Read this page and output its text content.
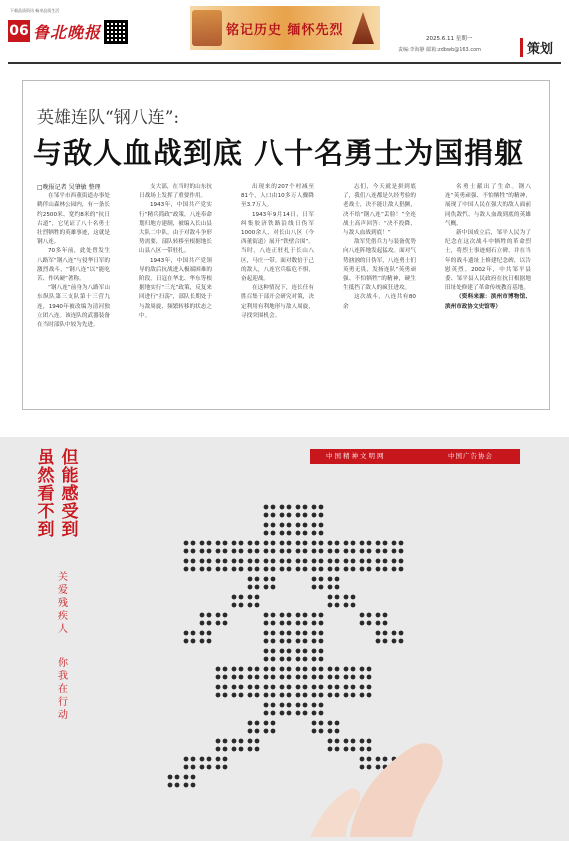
下载品质资讯 畅享品质生活
06 鲁北晚报	铭记历史 缅怀先烈
2025.6.11 星期一
责编:李海静 邮箱:zdbwb@163.com	策划
英雄连队“钢八连”:
与敌人血战到底 八十名勇士为国捐躯
□晚报记者 吴肇敏 整理

在邹平市西董街道办事处鹤伴山森林公园内，有一条长约2500米、宽约8米的“抗日古道”，它见证了八十名勇士壮烈牺牲的英雄事迹，这就是钢八连。

70多年前，此处曾发生八路军“钢八连”与侵华日军的激烈战斗，“钢八连”以“能吃苦、作风硬”著称。

“钢八连”前身为八路军山东纵队第三支队第十三营九连，1940年被改编为清河独立团八连。该连队的武器装备在当时部队中较为先进。

支大部，在当时的山东抗日战场上发挥了重要作用。

1943年，中国共产党实行“精兵简政”政策，八连奉命划归地方建制，被编入长山县大队二中队。由于对敌斗争形势需要，部队转移至根据地长山县八区一带驻扎。

1943年，中国共产党领导的敌后抗战进入极端困难的阶段。日寇在华北、华东等根据地实行“三光”政策，反复来回进行“扫荡”，部队长期处于与敌周旋、频繁转移的状态之中。

出现来的207个村减至81个，人口由10多万人骤降至3.7万人。

1943年9月14日，日军纠集胶济铁路沿线日伪军1000余人，对长山八区（今西董街道）展开“铁壁合围”。当时，八连正驻扎于长山八区，马庄一带。面对数倍于己的敌人，八连官兵临危不惧，奋起迎战。

在这种情况下，连长任有胜召集干部开会研究对策，决定利用有利地形与敌人周旋，寻找突围机会。

志们，今天就是拼到底了，我们八连都是久经考验的老战士，决不能让敌人猖獗，决不给“钢八连”丢脸！”全连战士高声回答：“决不投降，与敌人血战到底！”

敌军凭借兵力与装备优势向八连阵地发起猛攻。面对气势汹汹的日伪军，八连勇士们英勇无畏，发扬连队“英勇顽强、不怕牺牲”的精神，硬生生抵挡了敌人的疯狂进攻。

这次战斗，八连共有80余

名勇士献出了生命。钢八连“英勇顽强、不怕牺牲”的精神，展现了中国人民在强大的敌人面前同仇敌忾、与敌人血战到底的英雄气概。

新中国成立后，邹平人民为了纪念在这次战斗中牺牲的革命烈士，将烈士事迹刻石立碑，并在当年的战斗遗址上修建纪念碑，以告慰英烈。2002年，中共邹平县委、邹平县人民政府在抗日根据地旧址处修建了革命传统教育基地。

（资料来源：滨州市博物馆、滨州市政协文史馆等）

中国精神文明网	中国广告协会
但
能
感
受
到
虽
然
看
不
到
关
爱
残
疾
人
你
我
在
行
动
